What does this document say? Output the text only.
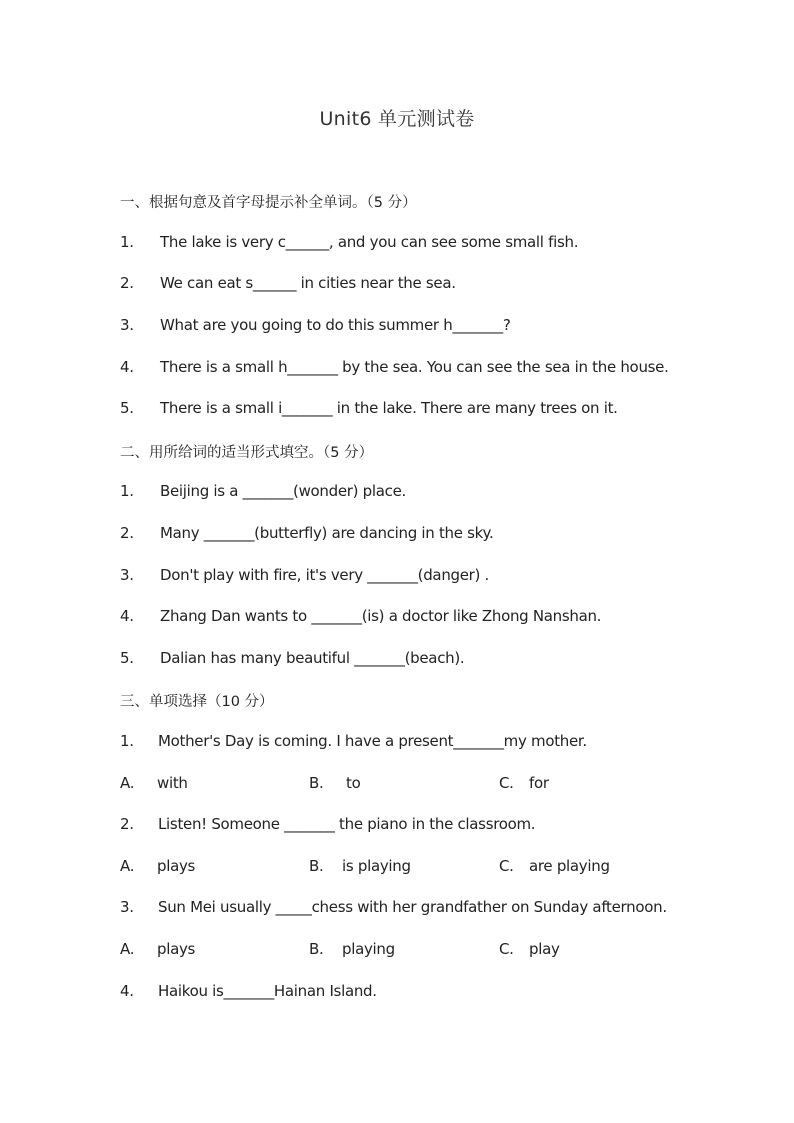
Unit6 单元测试卷
一、根据句意及首字母提示补全单词。（5 分）
1. The lake is very c______, and you can see some small fish.
2. We can eat s______ in cities near the sea.
3. What are you going to do this summer h_______?
4. There is a small h_______ by the sea. You can see the sea in the house.
5. There is a small i_______ in the lake. There are many trees on it.
二、用所给词的适当形式填空。（5 分）
1. Beijing is a _______(wonder) place.
2. Many _______(butterfly) are dancing in the sky.
3. Don't play with fire, it's very _______(danger) .
4. Zhang Dan wants to _______(is) a doctor like Zhong Nanshan.
5. Dalian has many beautiful _______(beach).
三、单项选择（10 分）
1. Mother's Day is coming. I have a present_______my mother.
A. with	B. to	C. for
2. Listen! Someone _______ the piano in the classroom.
A. plays	B. is playing	C. are playing
3. Sun Mei usually _____chess with her grandfather on Sunday afternoon.
A. plays	B. playing	C. play
4. Haikou is_______Hainan Island.
